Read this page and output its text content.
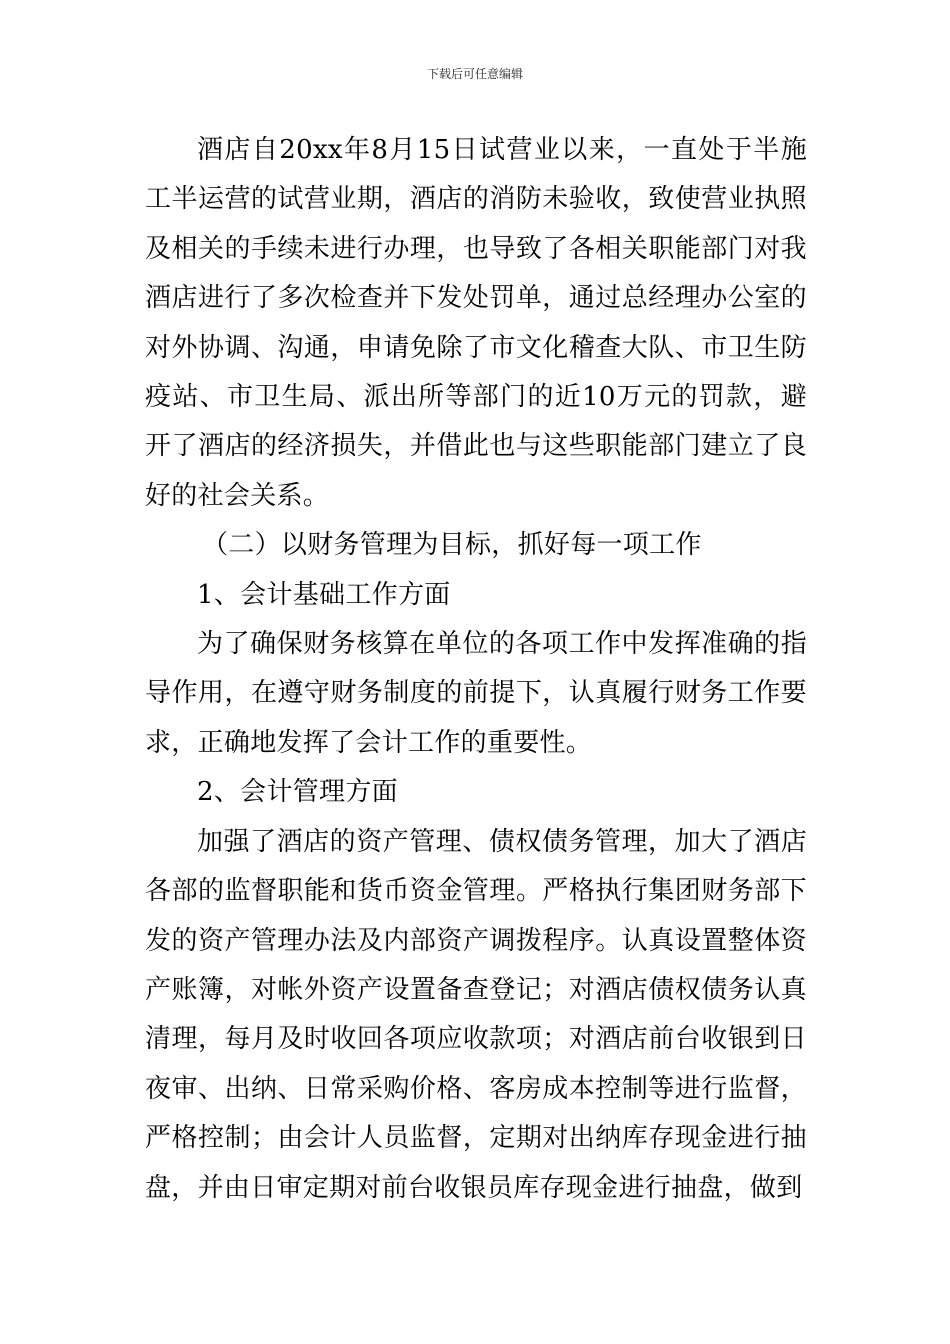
下载后可任意编辑

酒店自20xx年8月15日试营业以来，一直处于半施工半运营的试营业期，酒店的消防未验收，致使营业执照及相关的手续未进行办理，也导致了各相关职能部门对我酒店进行了多次检查并下发处罚单，通过总经理办公室的对外协调、沟通，申请免除了市文化稽查大队、市卫生防疫站、市卫生局、派出所等部门的近10万元的罚款，避开了酒店的经济损失，并借此也与这些职能部门建立了良好的社会关系。

（二）以财务管理为目标，抓好每一项工作

1、会计基础工作方面

为了确保财务核算在单位的各项工作中发挥准确的指导作用，在遵守财务制度的前提下，认真履行财务工作要求，正确地发挥了会计工作的重要性。

2、会计管理方面

加强了酒店的资产管理、债权债务管理，加大了酒店各部的监督职能和货币资金管理。严格执行集团财务部下发的资产管理办法及内部资产调拨程序。认真设置整体资产账簿，对帐外资产设置备查登记；对酒店债权债务认真清理，每月及时收回各项应收款项；对酒店前台收银到日夜审、出纳、日常采购价格、客房成本控制等进行监督，严格控制；由会计人员监督，定期对出纳库存现金进行抽盘，并由日审定期对前台收银员库存现金进行抽盘，做到
